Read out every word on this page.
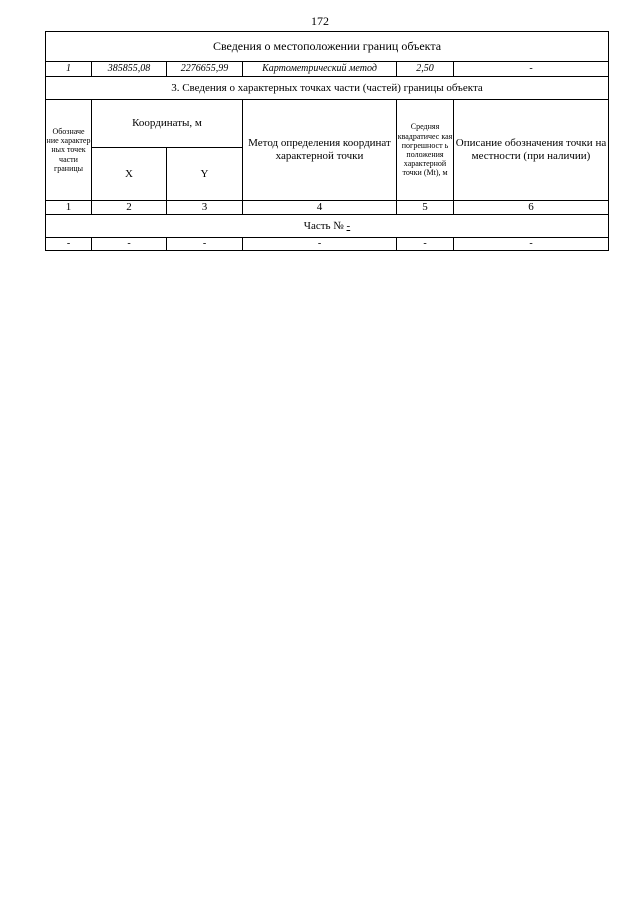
172
Сведения о местоположении границ объекта					
1	385855,08	2276655,99	Картометрический метод	2,50	-
3. Сведения о характерных точках части (частей) границы объекта					
Обозначе ние характер ных точек части границы	Координаты, м		Метод определения координат характерной точки	Средняя квадратичес кая погрешност ь положения характерной точки (Mt), м	Описание обозначения точки на местности (при наличии)
	X	Y			
1	2	3	4	5	6
Часть № -					
-	-	-	-	-	-
